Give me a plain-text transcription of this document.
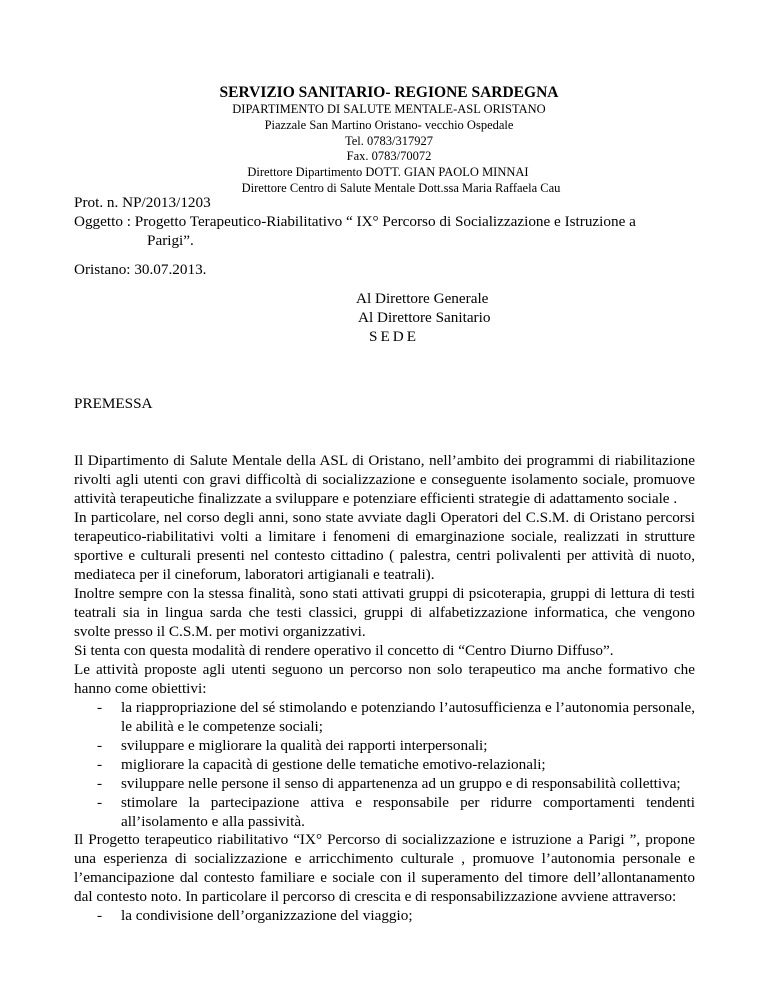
SERVIZIO SANITARIO- REGIONE SARDEGNA
DIPARTIMENTO DI SALUTE MENTALE-ASL ORISTANO
Piazzale San Martino Oristano- vecchio Ospedale
Tel. 0783/317927
Fax. 0783/70072
Direttore Dipartimento DOTT. GIAN PAOLO MINNAI
Direttore Centro di Salute Mentale Dott.ssa Maria Raffaela Cau
Prot. n. NP/2013/1203
Oggetto : Progetto Terapeutico-Riabilitativo “ IX° Percorso di Socializzazione e Istruzione a
Parigi”.
Oristano: 30.07.2013.
Al Direttore Generale
Al Direttore Sanitario
SEDE
PREMESSA

Il Dipartimento di Salute Mentale della ASL di Oristano, nell’ambito dei programmi di riabilitazione rivolti agli utenti con gravi difficoltà di socializzazione e conseguente isolamento sociale, promuove attività terapeutiche finalizzate a sviluppare e potenziare efficienti strategie di adattamento sociale .

In particolare, nel corso degli anni, sono state avviate dagli Operatori del C.S.M. di Oristano percorsi terapeutico-riabilitativi volti a limitare i fenomeni di emarginazione sociale, realizzati in strutture sportive e culturali presenti nel contesto cittadino ( palestra, centri polivalenti per attività di nuoto, mediateca per il cineforum, laboratori artigianali e teatrali).

Inoltre sempre con la stessa finalità, sono stati attivati gruppi di psicoterapia, gruppi di lettura di testi teatrali sia in lingua sarda che testi classici, gruppi di alfabetizzazione informatica, che vengono svolte presso il C.S.M. per motivi organizzativi.

Si tenta con questa modalità di rendere operativo il concetto di “Centro Diurno Diffuso”.

Le attività proposte agli utenti seguono un percorso non solo terapeutico ma anche formativo che hanno come obiettivi:

- la riappropriazione del sé stimolando e potenziando l’autosufficienza e l’autonomia personale, le abilità e le competenze sociali;
- sviluppare e migliorare la qualità dei rapporti interpersonali;
- migliorare la capacità di gestione delle tematiche emotivo-relazionali;
- sviluppare nelle persone il senso di appartenenza ad un gruppo e di responsabilità collettiva;
- stimolare la partecipazione attiva e responsabile per ridurre comportamenti tendenti all’isolamento e alla passività.

Il Progetto terapeutico riabilitativo “IX° Percorso di socializzazione e istruzione a Parigi ”, propone una esperienza di socializzazione e arricchimento culturale , promuove l’autonomia personale e l’emancipazione dal contesto familiare e sociale con il superamento del timore dell’allontanamento dal contesto noto. In particolare il percorso di crescita e di responsabilizzazione avviene attraverso:

- la condivisione dell’organizzazione del viaggio;
